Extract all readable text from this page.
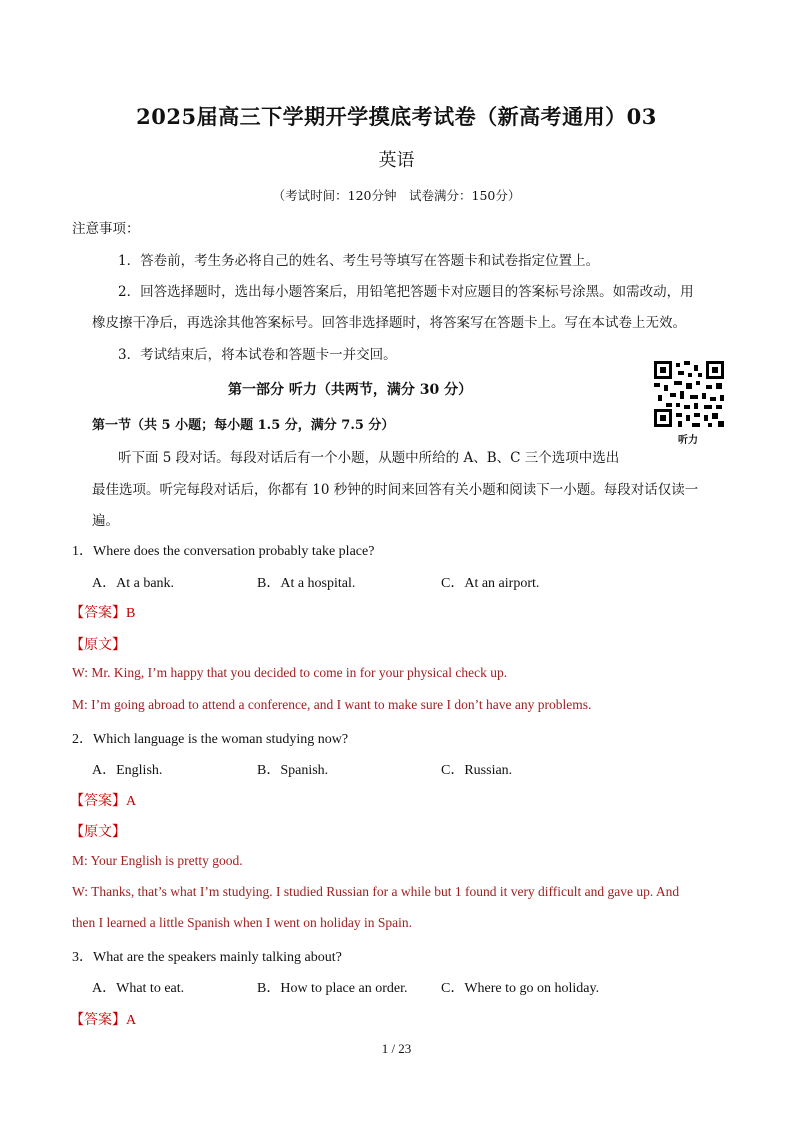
2025届高三下学期开学摸底考试卷（新高考通用）03
英语
（考试时间：120分钟　试卷满分：150分）
注意事项：
1．答卷前，考生务必将自己的姓名、考生号等填写在答题卡和试卷指定位置上。
2．回答选择题时，选出每小题答案后，用铅笔把答题卡对应题目的答案标号涂黑。如需改动，用
橡皮擦干净后，再选涂其他答案标号。回答非选择题时，将答案写在答题卡上。写在本试卷上无效。
3．考试结束后，将本试卷和答题卡一并交回。
第一部分 听力（共两节，满分 30 分）
听力
第一节（共 5 小题；每小题 1.5 分，满分 7.5 分）
听下面 5 段对话。每段对话后有一个小题，从题中所给的 A、B、C 三个选项中选出
最佳选项。听完每段对话后，你都有 10 秒钟的时间来回答有关小题和阅读下一小题。每段对话仅读一
遍。
1．Where does the conversation probably take place?
A．At a bank.	B．At a hospital.	C．At an airport.
【答案】B
【原文】
W: Mr. King, I’m happy that you decided to come in for your physical check up.
M: I’m going abroad to attend a conference, and I want to make sure I don’t have any problems.
2．Which language is the woman studying now?
A．English.	B．Spanish.	C．Russian.
【答案】A
【原文】
M: Your English is pretty good.
W: Thanks, that’s what I’m studying. I studied Russian for a while but 1 found it very difficult and gave up. And
then I learned a little Spanish when I went on holiday in Spain.
3．What are the speakers mainly talking about?
A．What to eat.	B．How to place an order. C．Where to go on holiday.
【答案】A
1 / 23
